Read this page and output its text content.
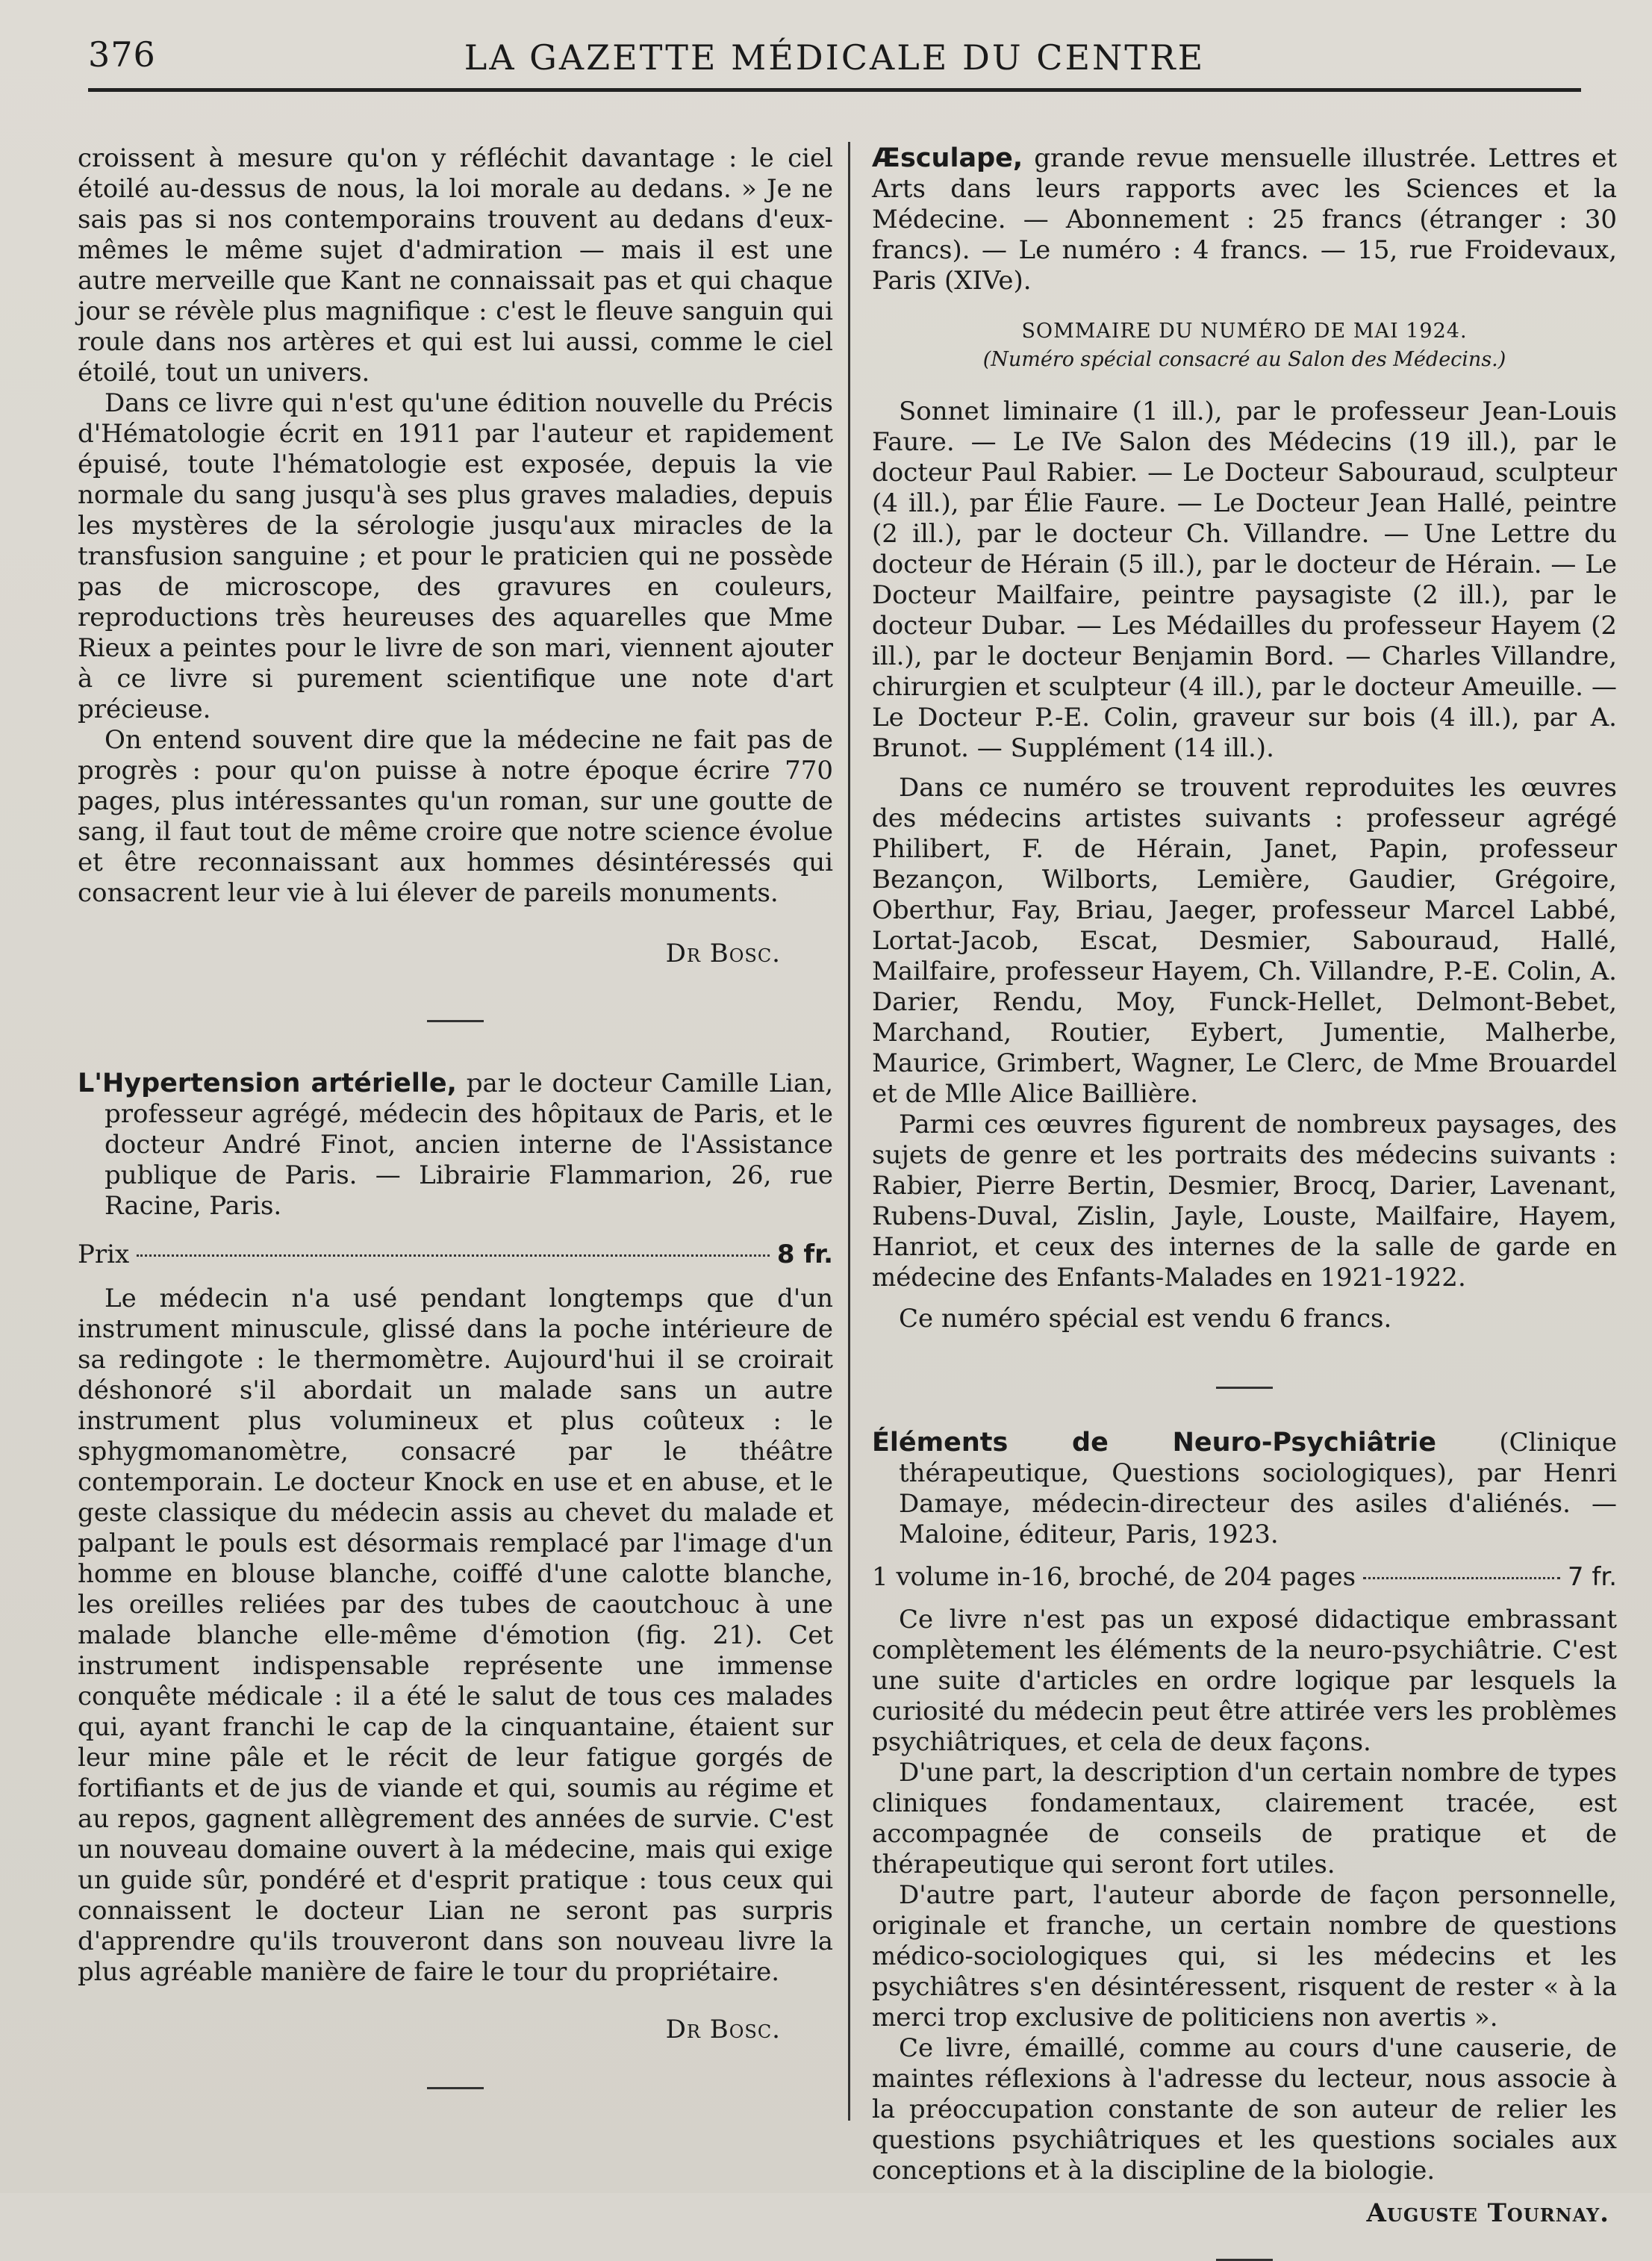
376	LA GAZETTE MÉDICALE DU CENTRE

croissent à mesure qu'on y réfléchit davantage : le ciel étoilé au-dessus de nous, la loi morale au dedans. » Je ne sais pas si nos contemporains trouvent au dedans d'eux-mêmes le même sujet d'admiration — mais il est une autre merveille que Kant ne connaissait pas et qui chaque jour se révèle plus magnifique : c'est le fleuve sanguin qui roule dans nos artères et qui est lui aussi, comme le ciel étoilé, tout un univers.

Dans ce livre qui n'est qu'une édition nouvelle du Précis d'Hématologie écrit en 1911 par l'auteur et rapidement épuisé, toute l'hématologie est exposée, depuis la vie normale du sang jusqu'à ses plus graves maladies, depuis les mystères de la sérologie jusqu'aux miracles de la transfusion sanguine ; et pour le praticien qui ne possède pas de microscope, des gravures en couleurs, reproductions très heureuses des aquarelles que Mme Rieux a peintes pour le livre de son mari, viennent ajouter à ce livre si purement scientifique une note d'art précieuse.

On entend souvent dire que la médecine ne fait pas de progrès : pour qu'on puisse à notre époque écrire 770 pages, plus intéressantes qu'un roman, sur une goutte de sang, il faut tout de même croire que notre science évolue et être reconnaissant aux hommes désintéressés qui consacrent leur vie à lui élever de pareils monuments.

Dr Bosc.

L'Hypertension artérielle, par le docteur Camille Lian, professeur agrégé, médecin des hôpitaux de Paris, et le docteur André Finot, ancien interne de l'Assistance publique de Paris. — Librairie Flammarion, 26, rue Racine, Paris.

Prix	8 fr.

Le médecin n'a usé pendant longtemps que d'un instrument minuscule, glissé dans la poche intérieure de sa redingote : le thermomètre. Aujourd'hui il se croirait déshonoré s'il abordait un malade sans un autre instrument plus volumineux et plus coûteux : le sphygmomanomètre, consacré par le théâtre contemporain. Le docteur Knock en use et en abuse, et le geste classique du médecin assis au chevet du malade et palpant le pouls est désormais remplacé par l'image d'un homme en blouse blanche, coiffé d'une calotte blanche, les oreilles reliées par des tubes de caoutchouc à une malade blanche elle-même d'émotion (fig. 21). Cet instrument indispensable représente une immense conquête médicale : il a été le salut de tous ces malades qui, ayant franchi le cap de la cinquantaine, étaient sur leur mine pâle et le récit de leur fatigue gorgés de fortifiants et de jus de viande et qui, soumis au régime et au repos, gagnent allègrement des années de survie. C'est un nouveau domaine ouvert à la médecine, mais qui exige un guide sûr, pondéré et d'esprit pratique : tous ceux qui connaissent le docteur Lian ne seront pas surpris d'apprendre qu'ils trouveront dans son nouveau livre la plus agréable manière de faire le tour du propriétaire.

Dr Bosc.

Æsculape, grande revue mensuelle illustrée. Lettres et Arts dans leurs rapports avec les Sciences et la Médecine. — Abonnement : 25 francs (étranger : 30 francs). — Le numéro : 4 francs. — 15, rue Froidevaux, Paris (XIVe).

SOMMAIRE DU NUMÉRO DE MAI 1924.

(Numéro spécial consacré au Salon des Médecins.)

Sonnet liminaire (1 ill.), par le professeur Jean-Louis Faure. — Le IVe Salon des Médecins (19 ill.), par le docteur Paul Rabier. — Le Docteur Sabouraud, sculpteur (4 ill.), par Élie Faure. — Le Docteur Jean Hallé, peintre (2 ill.), par le docteur Ch. Villandre. — Une Lettre du docteur de Hérain (5 ill.), par le docteur de Hérain. — Le Docteur Mailfaire, peintre paysagiste (2 ill.), par le docteur Dubar. — Les Médailles du professeur Hayem (2 ill.), par le docteur Benjamin Bord. — Charles Villandre, chirurgien et sculpteur (4 ill.), par le docteur Ameuille. — Le Docteur P.-E. Colin, graveur sur bois (4 ill.), par A. Brunot. — Supplément (14 ill.).

Dans ce numéro se trouvent reproduites les œuvres des médecins artistes suivants : professeur agrégé Philibert, F. de Hérain, Janet, Papin, professeur Bezançon, Wilborts, Lemière, Gaudier, Grégoire, Oberthur, Fay, Briau, Jaeger, professeur Marcel Labbé, Lortat-Jacob, Escat, Desmier, Sabouraud, Hallé, Mailfaire, professeur Hayem, Ch. Villandre, P.-E. Colin, A. Darier, Rendu, Moy, Funck-Hellet, Delmont-Bebet, Marchand, Routier, Eybert, Jumentie, Malherbe, Maurice, Grimbert, Wagner, Le Clerc, de Mme Brouardel et de Mlle Alice Baillière.

Parmi ces œuvres figurent de nombreux paysages, des sujets de genre et les portraits des médecins suivants : Rabier, Pierre Bertin, Desmier, Brocq, Darier, Lavenant, Rubens-Duval, Zislin, Jayle, Louste, Mailfaire, Hayem, Hanriot, et ceux des internes de la salle de garde en médecine des Enfants-Malades en 1921-1922.

Ce numéro spécial est vendu 6 francs.

Éléments de Neuro-Psychiâtrie (Clinique thérapeutique, Questions sociologiques), par Henri Damaye, médecin-directeur des asiles d'aliénés. — Maloine, éditeur, Paris, 1923.

1 volume in-16, broché, de 204 pages	7 fr.

Ce livre n'est pas un exposé didactique embrassant complètement les éléments de la neuro-psychiâtrie. C'est une suite d'articles en ordre logique par lesquels la curiosité du médecin peut être attirée vers les problèmes psychiâtriques, et cela de deux façons.

D'une part, la description d'un certain nombre de types cliniques fondamentaux, clairement tracée, est accompagnée de conseils de pratique et de thérapeutique qui seront fort utiles.

D'autre part, l'auteur aborde de façon personnelle, originale et franche, un certain nombre de questions médico-sociologiques qui, si les médecins et les psychiâtres s'en désintéressent, risquent de rester « à la merci trop exclusive de politiciens non avertis ».

Ce livre, émaillé, comme au cours d'une causerie, de maintes réflexions à l'adresse du lecteur, nous associe à la préoccupation constante de son auteur de relier les questions psychiâtriques et les questions sociales aux conceptions et à la discipline de la biologie.

Auguste Tournay.
